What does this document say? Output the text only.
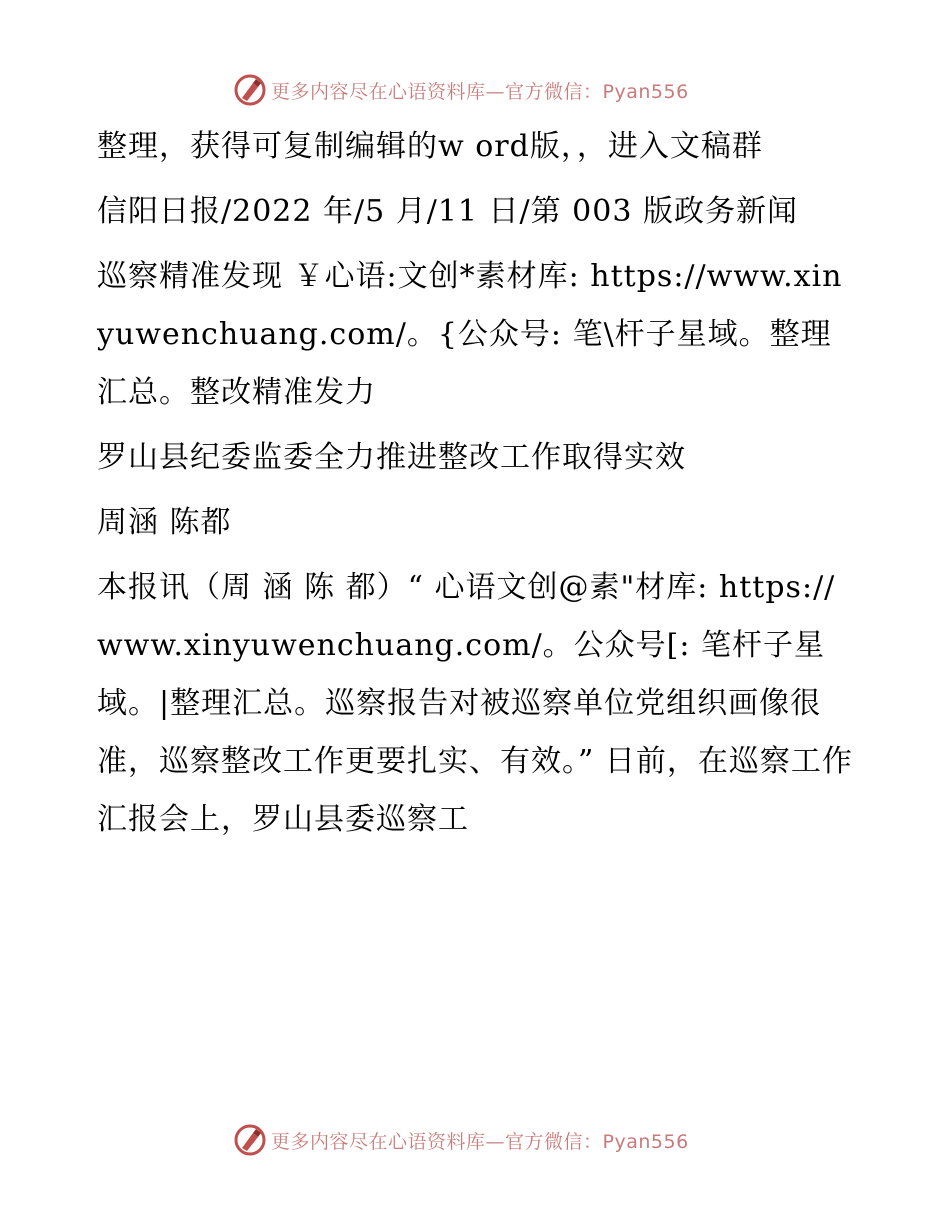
更多内容尽在心语资料库—官方微信：Pyan556

整理，获得可复制编辑的w ord版，，进入文稿群

信阳日报/2022 年/5 月/11 日/第 003 版政务新闻

巡察精准发现 ￥心语:文创*素材库: https://www.xinyuwenchuang.com/。{公众号: 笔\杆子星域。整理汇总。整改精准发力

罗山县纪委监委全力推进整改工作取得实效

周涵 陈都

本报讯（周 涵 陈 都）“ 心语文创@素"材库: https://www.xinyuwenchuang.com/。公众号[: 笔杆子星域。|整理汇总。巡察报告对被巡察单位党组织画像很准，巡察整改工作更要扎实、有效。” 日前，在巡察工作汇报会上，罗山县委巡察工

更多内容尽在心语资料库—官方微信：Pyan556
